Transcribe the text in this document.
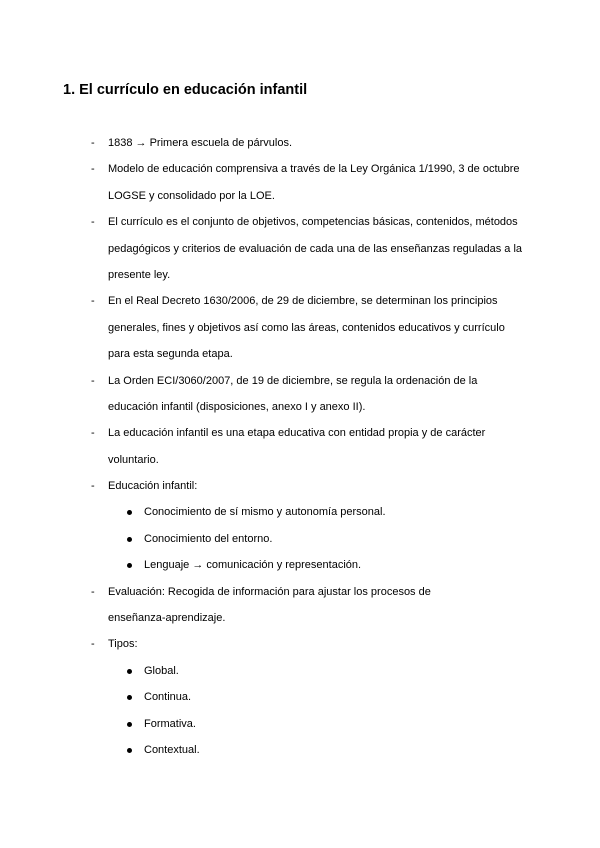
1. El currículo en educación infantil
-	1838 → Primera escuela de párvulos.
-	Modelo de educación comprensiva a través de la Ley Orgánica 1/1990, 3 de octubre
LOGSE y consolidado por la LOE.
-	El currículo es el conjunto de objetivos, competencias básicas, contenidos, métodos
pedagógicos y criterios de evaluación de cada una de las enseñanzas reguladas a la
presente ley.
-	En el Real Decreto 1630/2006, de 29 de diciembre, se determinan los principios
generales, fines y objetivos así como las áreas, contenidos educativos y currículo
para esta segunda etapa.
-	La Orden ECI/3060/2007, de 19 de diciembre, se regula la ordenación de la
educación infantil (disposiciones, anexo I y anexo II).
-	La educación infantil es una etapa educativa con entidad propia y de carácter
voluntario.
-	Educación infantil:
Conocimiento de sí mismo y autonomía personal.
Conocimiento del entorno.
Lenguaje → comunicación y representación.
-	Evaluación: Recogida de información para ajustar los procesos de
enseñanza-aprendizaje.
-	Tipos:
Global.
Continua.
Formativa.
Contextual.
